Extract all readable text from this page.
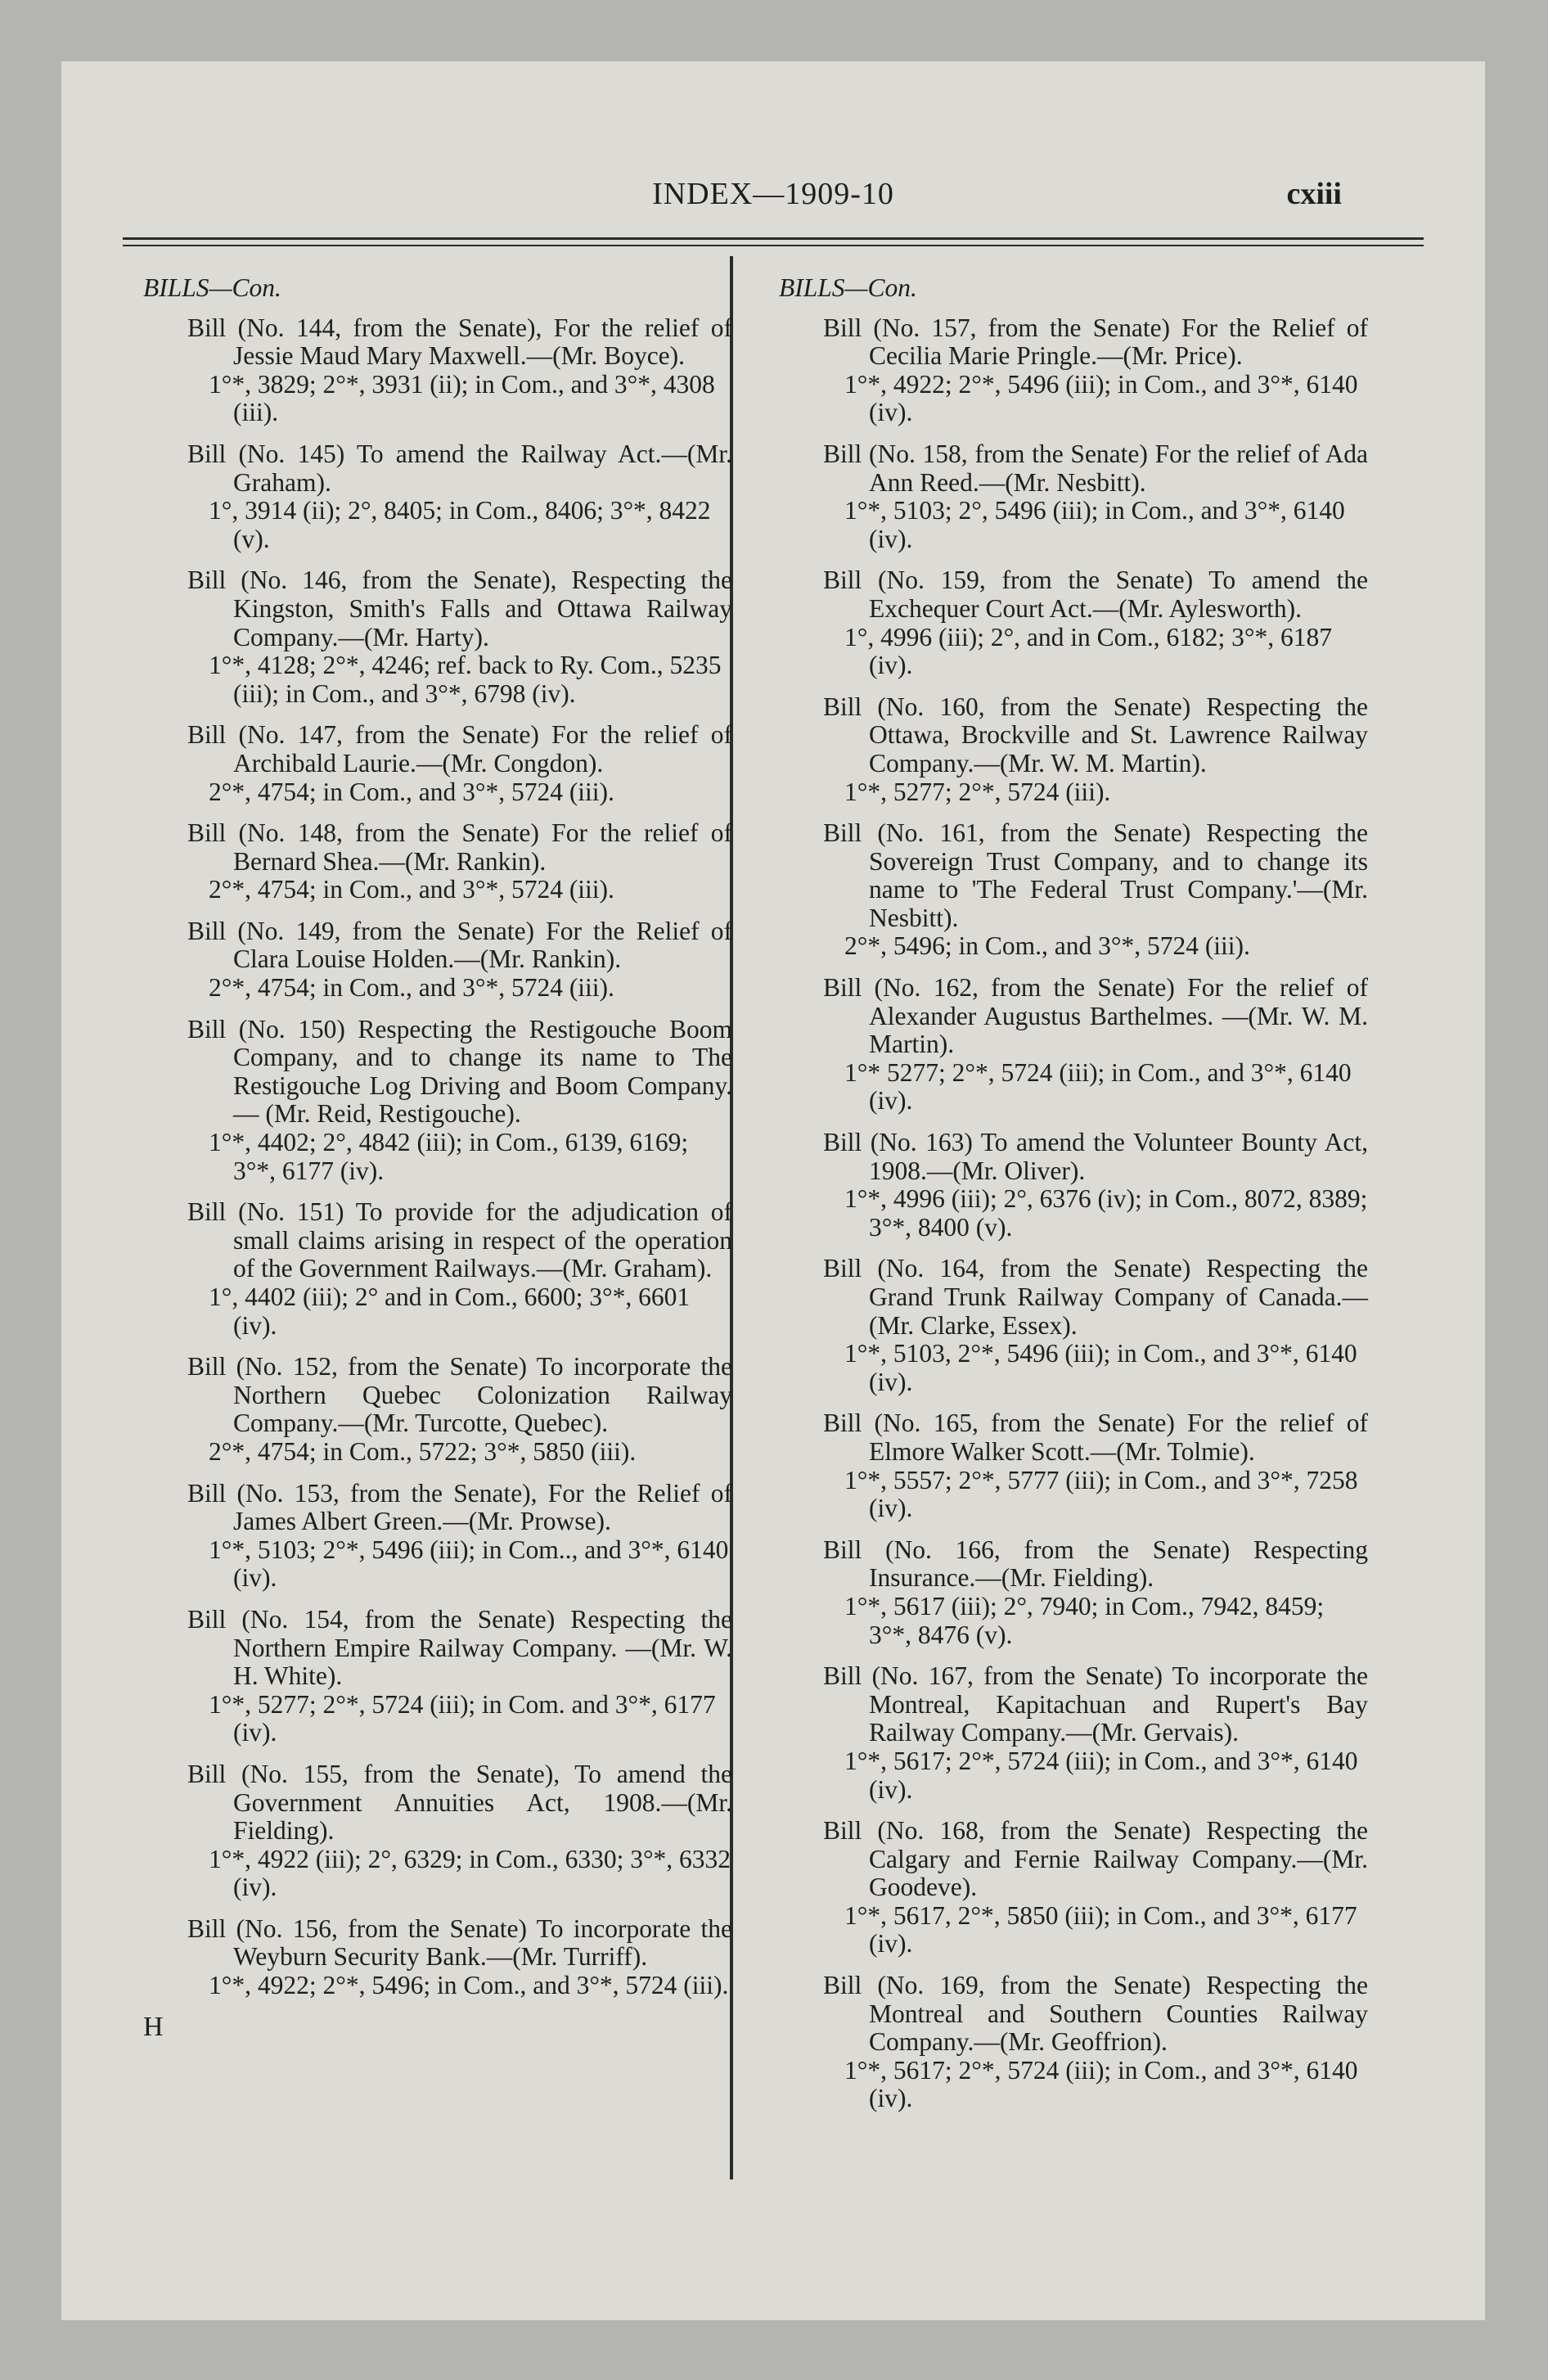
INDEX—1909-10	cxiii
BILLS—Con.
Bill (No. 144, from the Senate), For the relief of Jessie Maud Mary Maxwell.—(Mr. Boyce).
1°*, 3829; 2°*, 3931 (ii); in Com., and 3°*, 4308 (iii).
Bill (No. 145) To amend the Railway Act.—(Mr. Graham).
1°, 3914 (ii); 2°, 8405; in Com., 8406; 3°*, 8422 (v).
Bill (No. 146, from the Senate), Respecting the Kingston, Smith's Falls and Ottawa Railway Company.—(Mr. Harty).
1°*, 4128; 2°*, 4246; ref. back to Ry. Com., 5235 (iii); in Com., and 3°*, 6798 (iv).
Bill (No. 147, from the Senate) For the relief of Archibald Laurie.—(Mr. Congdon).
2°*, 4754; in Com., and 3°*, 5724 (iii).
Bill (No. 148, from the Senate) For the relief of Bernard Shea.—(Mr. Rankin).
2°*, 4754; in Com., and 3°*, 5724 (iii).
Bill (No. 149, from the Senate) For the Relief of Clara Louise Holden.—(Mr. Rankin).
2°*, 4754; in Com., and 3°*, 5724 (iii).
Bill (No. 150) Respecting the Restigouche Boom Company, and to change its name to The Restigouche Log Driving and Boom Company. — (Mr. Reid, Restigouche).
1°*, 4402; 2°, 4842 (iii); in Com., 6139, 6169; 3°*, 6177 (iv).
Bill (No. 151) To provide for the adjudication of small claims arising in respect of the operation of the Government Railways.—(Mr. Graham).
1°, 4402 (iii); 2° and in Com., 6600; 3°*, 6601 (iv).
Bill (No. 152, from the Senate) To incorporate the Northern Quebec Colonization Railway Company.—(Mr. Turcotte, Quebec).
2°*, 4754; in Com., 5722; 3°*, 5850 (iii).
Bill (No. 153, from the Senate), For the Relief of James Albert Green.—(Mr. Prowse).
1°*, 5103; 2°*, 5496 (iii); in Com.., and 3°*, 6140 (iv).
Bill (No. 154, from the Senate) Respecting the Northern Empire Railway Company. —(Mr. W. H. White).
1°*, 5277; 2°*, 5724 (iii); in Com. and 3°*, 6177 (iv).
Bill (No. 155, from the Senate), To amend the Government Annuities Act, 1908.—(Mr. Fielding).
1°*, 4922 (iii); 2°, 6329; in Com., 6330; 3°*, 6332 (iv).
Bill (No. 156, from the Senate) To incorporate the Weyburn Security Bank.—(Mr. Turriff).
1°*, 4922; 2°*, 5496; in Com., and 3°*, 5724 (iii).
H
BILLS—Con.
Bill (No. 157, from the Senate) For the Relief of Cecilia Marie Pringle.—(Mr. Price).
1°*, 4922; 2°*, 5496 (iii); in Com., and 3°*, 6140 (iv).
Bill (No. 158, from the Senate) For the relief of Ada Ann Reed.—(Mr. Nesbitt).
1°*, 5103; 2°, 5496 (iii); in Com., and 3°*, 6140 (iv).
Bill (No. 159, from the Senate) To amend the Exchequer Court Act.—(Mr. Aylesworth).
1°, 4996 (iii); 2°, and in Com., 6182; 3°*, 6187 (iv).
Bill (No. 160, from the Senate) Respecting the Ottawa, Brockville and St. Lawrence Railway Company.—(Mr. W. M. Martin).
1°*, 5277; 2°*, 5724 (iii).
Bill (No. 161, from the Senate) Respecting the Sovereign Trust Company, and to change its name to 'The Federal Trust Company.'—(Mr. Nesbitt).
2°*, 5496; in Com., and 3°*, 5724 (iii).
Bill (No. 162, from the Senate) For the relief of Alexander Augustus Barthelmes. —(Mr. W. M. Martin).
1°* 5277; 2°*, 5724 (iii); in Com., and 3°*, 6140 (iv).
Bill (No. 163) To amend the Volunteer Bounty Act, 1908.—(Mr. Oliver).
1°*, 4996 (iii); 2°, 6376 (iv); in Com., 8072, 8389; 3°*, 8400 (v).
Bill (No. 164, from the Senate) Respecting the Grand Trunk Railway Company of Canada.—(Mr. Clarke, Essex).
1°*, 5103, 2°*, 5496 (iii); in Com., and 3°*, 6140 (iv).
Bill (No. 165, from the Senate) For the relief of Elmore Walker Scott.—(Mr. Tolmie).
1°*, 5557; 2°*, 5777 (iii); in Com., and 3°*, 7258 (iv).
Bill (No. 166, from the Senate) Respecting Insurance.—(Mr. Fielding).
1°*, 5617 (iii); 2°, 7940; in Com., 7942, 8459; 3°*, 8476 (v).
Bill (No. 167, from the Senate) To incorporate the Montreal, Kapitachuan and Rupert's Bay Railway Company.—(Mr. Gervais).
1°*, 5617; 2°*, 5724 (iii); in Com., and 3°*, 6140 (iv).
Bill (No. 168, from the Senate) Respecting the Calgary and Fernie Railway Company.—(Mr. Goodeve).
1°*, 5617, 2°*, 5850 (iii); in Com., and 3°*, 6177 (iv).
Bill (No. 169, from the Senate) Respecting the Montreal and Southern Counties Railway Company.—(Mr. Geoffrion).
1°*, 5617; 2°*, 5724 (iii); in Com., and 3°*, 6140 (iv).
